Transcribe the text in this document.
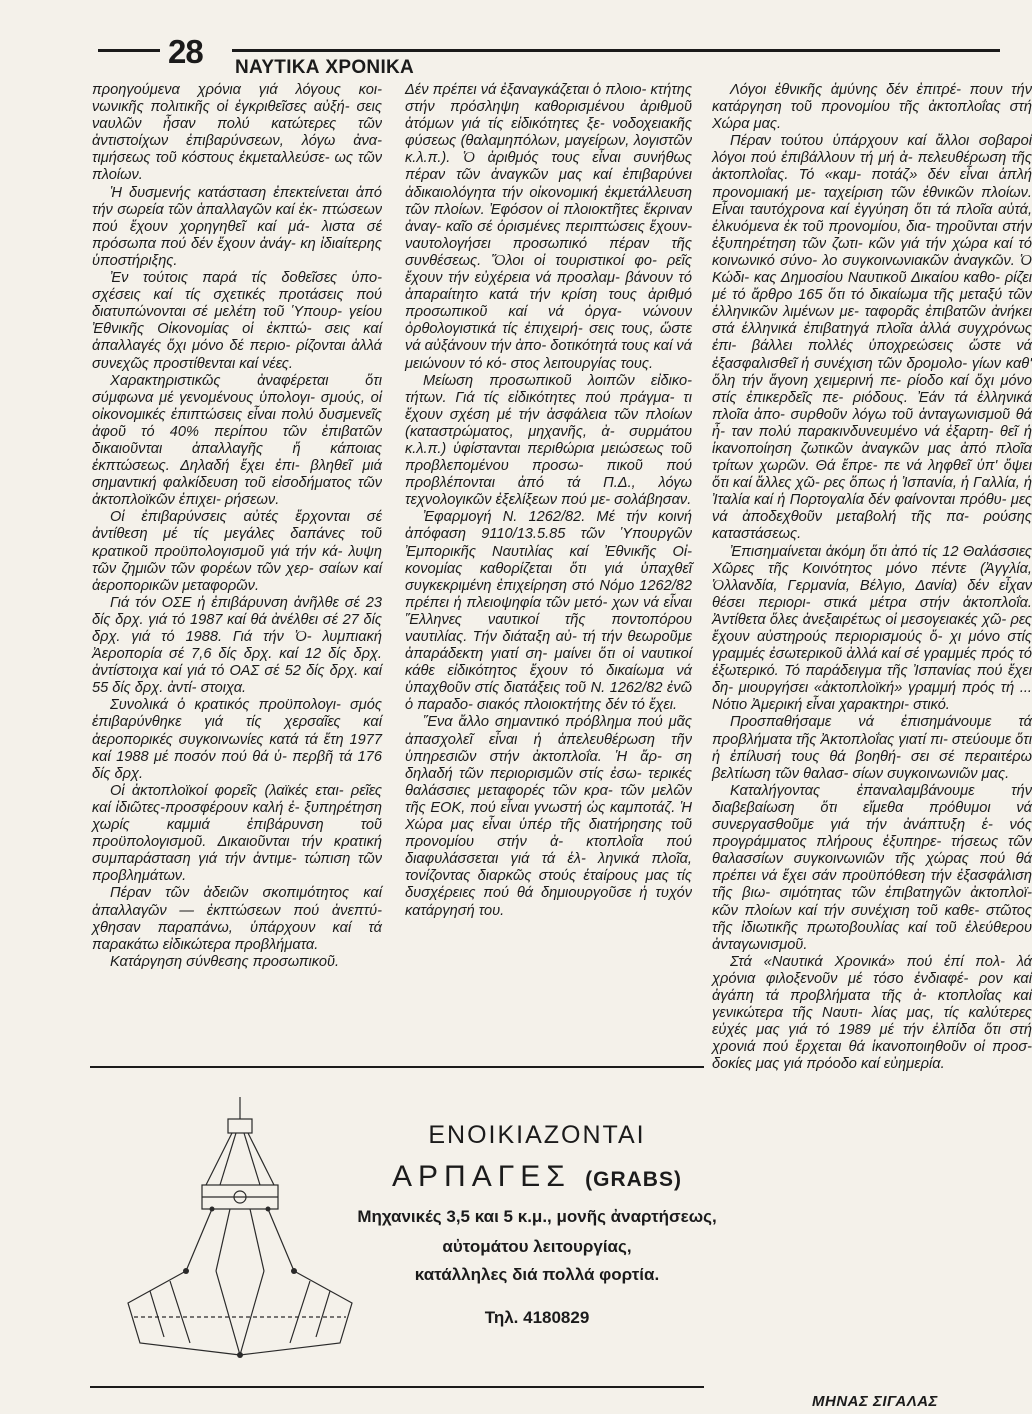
28 ΝΑΥΤΙΚΑ ΧΡΟΝΙΚΑ

προηγούμενα χρόνια γιά λόγους κοι- νωνικῆς πολιτικῆς οἱ ἐγκριθεῖσες αὐξή- σεις ναυλῶν ἦσαν πολύ κατώτερες τῶν ἀντιστοίχων ἐπιβαρύνσεων, λόγω ἀνα- τιμήσεως τοῦ κόστους ἐκμεταλλεύσε- ως τῶν πλοίων.

Ἡ δυσμενής κατάσταση ἐπεκτείνεται ἀπό τήν σωρεία τῶν ἀπαλλαγῶν καί ἐκ- πτώσεων πού ἔχουν χορηγηθεῖ καί μά- λιστα σέ πρόσωπα πού δέν ἔχουν ἀνάγ- κη ἰδιαίτερης ὑποστήριξης.

Ἐν τούτοις παρά τίς δοθεῖσες ὑπο- σχέσεις καί τίς σχετικές προτάσεις πού διατυπώνονται σέ μελέτη τοῦ Ὑπουρ- γείου Ἐθνικῆς Οἰκονομίας οἱ ἐκπτώ- σεις καί ἀπαλλαγές ὄχι μόνο δέ περιο- ρίζονται ἀλλά συνεχῶς προστίθενται καί νέες.

Χαρακτηριστικῶς ἀναφέρεται ὅτι σύμφωνα μέ γενομένους ὑπολογι- σμούς, οἱ οἰκονομικές ἐπιπτώσεις εἶναι πολύ δυσμενεῖς ἀφοῦ τό 40% περίπου τῶν ἐπιβατῶν δικαιοῦνται ἀπαλλαγῆς ἤ κάποιας ἐκπτώσεως. Δηλαδή ἔχει ἐπι- βληθεῖ μιά σημαντική φαλκίδευση τοῦ εἰσοδήματος τῶν ἀκτοπλοϊκῶν ἐπιχει- ρήσεων.

Οἱ ἐπιβαρύνσεις αὐτές ἔρχονται σέ ἀντίθεση μέ τίς μεγάλες δαπάνες τοῦ κρατικοῦ προϋπολογισμοῦ γιά τήν κά- λυψη τῶν ζημιῶν τῶν φορέων τῶν χερ- σαίων καί ἀεροπορικῶν μεταφορῶν.

Γιά τόν ΟΣΕ ἡ ἐπιβάρυνση ἀνῆλθε σέ 23 δίς δρχ. γιά τό 1987 καί θά ἀνέλθει σέ 27 δίς δρχ. γιά τό 1988. Γιά τήν Ὀ- λυμπιακή Ἀεροπορία σέ 7,6 δίς δρχ. καί 12 δίς δρχ. ἀντίστοιχα καί γιά τό ΟΑΣ σέ 52 δίς δρχ. καί 55 δίς δρχ. ἀντί- στοιχα.

Συνολικά ὁ κρατικός προϋπολογι- σμός ἐπιβαρύνθηκε γιά τίς χερσαῖες καί ἀεροπορικές συγκοινωνίες κατά τά ἔτη 1977 καί 1988 μέ ποσόν πού θά ὑ- περβῆ τά 176 δίς δρχ.

Οἱ ἀκτοπλοϊκοί φορεῖς (λαϊκές εται- ρεῖες καί ἰδιῶτες-προσφέρουν καλή ἐ- ξυπηρέτηση χωρίς καμμιά ἐπιβάρυνση τοῦ προϋπολογισμοῦ. Δικαιοῦνται τήν κρατική συμπαράσταση γιά τήν ἀντιμε- τώπιση τῶν προβλημάτων.

Πέραν τῶν ἀδειῶν σκοπιμότητος καί ἀπαλλαγῶν — ἐκπτώσεων πού ἀνεπτύ- χθησαν παραπάνω, ὑπάρχουν καί τά παρακάτω εἰδικώτερα προβλήματα.

Κατάργηση σύνθεσης προσωπικοῦ.

Δέν πρέπει νά ἐξαναγκάζεται ὁ πλοιο- κτήτης στήν πρόσληψη καθορισμένου ἀριθμοῦ ἀτόμων γιά τίς εἰδικότητες ξε- νοδοχειακῆς φύσεως (θαλαμηπόλων, μαγείρων, λογιστῶν κ.λ.π.). Ὁ ἀριθμός τους εἶναι συνήθως πέραν τῶν ἀναγκῶν μας καί ἐπιβαρύνει ἀδικαιολόγητα τήν οἰκονομική ἐκμετάλλευση τῶν πλοίων. Ἐφόσον οἱ πλοιοκτῆτες ἔκριναν ἀναγ- καῖο σέ ὁρισμένες περιπτώσεις ἔχουν- ναυτολογήσει προσωπικό πέραν τῆς συνθέσεως. Ὅλοι οἱ τουριστικοί φο- ρεῖς ἔχουν τήν εὐχέρεια νά προσλαμ- βάνουν τό ἀπαραίτητο κατά τήν κρίση τους ἀριθμό προσωπικοῦ καί νά ὀργα- νώνουν ὀρθολογιστικά τίς ἐπιχειρή- σεις τους, ὥστε νά αὐξάνουν τήν ἀπο- δοτικότητά τους καί νά μειώνουν τό κό- στος λειτουργίας τους.

Μείωση προσωπικοῦ λοιπῶν εἰδικο- τήτων. Γιά τίς εἰδικότητες πού πράγμα- τι ἔχουν σχέση μέ τήν ἀσφάλεια τῶν πλοίων (καταστρώματος, μηχανῆς, ἀ- συρμάτου κ.λ.π.) ὑφίστανται περιθώρια μειώσεως τοῦ προβλεπομένου προσω- πικοῦ πού προβλέπονται ἀπό τά Π.Δ., λόγω τεχνολογικῶν ἐξελίξεων πού με- σολάβησαν.

Ἐφαρμογή Ν. 1262/82. Μέ τήν κοινή ἀπόφαση 9110/13.5.85 τῶν Ὑπουργῶν Ἐμπορικῆς Ναυτιλίας καί Ἐθνικῆς Οἰ- κονομίας καθορίζεται ὅτι γιά ὑπαχθεῖ συγκεκριμένη ἐπιχείρηση στό Νόμο 1262/82 πρέπει ἡ πλειοψηφία τῶν μετό- χων νά εἶναι Ἕλληνες ναυτικοί τῆς ποντοπόρου ναυτιλίας. Τήν διάταξη αὐ- τή τήν θεωροῦμε ἀπαράδεκτη γιατί ση- μαίνει ὅτι οἱ ναυτικοί κάθε εἰδικότητος ἔχουν τό δικαίωμα νά ὑπαχθοῦν στίς διατάξεις τοῦ Ν. 1262/82 ἐνῶ ὁ παραδο- σιακός πλοιοκτήτης δέν τό ἔχει.

Ἕνα ἄλλο σημαντικό πρόβλημα πού μᾶς ἀπασχολεῖ εἶναι ἡ ἀπελευθέρωση τῆν ὑπηρεσιῶν στήν ἀκτοπλοΐα. Ἡ ἄρ- ση δηλαδή τῶν περιορισμῶν στίς ἐσω- τερικές θαλάσσιες μεταφορές τῶν κρα- τῶν μελῶν τῆς ΕΟΚ, πού εἶναι γνωστή ὡς καμποτάζ. Ἡ Χώρα μας εἶναι ὑπέρ τῆς διατήρησης τοῦ προνομίου στήν ἀ- κτοπλοΐα πού διαφυλάσσεται γιά τά ἑλ- ληνικά πλοῖα, τονίζοντας διαρκῶς στούς ἑταίρους μας τίς δυσχέρειες πού θά δημιουργοῦσε ἡ τυχόν κατάργησή του.

Λόγοι ἐθνικῆς ἀμύνης δέν ἐπιτρέ- πουν τήν κατάργηση τοῦ προνομίου τῆς ἀκτοπλοΐας στή Χώρα μας.

Πέραν τούτου ὑπάρχουν καί ἄλλοι σοβαροί λόγοι πού ἐπιβάλλουν τή μή ἀ- πελευθέρωση τῆς ἀκτοπλοΐας. Τό «καμ- ποτάζ» δέν εἶναι ἁπλή προνομιακή με- ταχείριση τῶν ἐθνικῶν πλοίων. Εἶναι ταυτόχρονα καί ἐγγύηση ὅτι τά πλοῖα αὐτά, ἑλκυόμενα ἐκ τοῦ προνομίου, δια- τηροῦνται στήν ἐξυπηρέτηση τῶν ζωτι- κῶν γιά τήν χώρα καί τό κοινωνικό σύνο- λο συγκοινωνιακῶν ἀναγκῶν. Ὁ Κώδι- κας Δημοσίου Ναυτικοῦ Δικαίου καθο- ρίζει μέ τό ἄρθρο 165 ὅτι τό δικαίωμα τῆς μεταξύ τῶν ἑλληνικῶν λιμένων με- ταφορᾶς ἐπιβατῶν ἀνήκει στά ἑλληνικά ἐπιβατηγά πλοῖα ἀλλά συγχρόνως ἐπι- βάλλει πολλές ὑποχρεώσεις ὥστε νά ἐξασφαλισθεῖ ἡ συνέχιση τῶν δρομολο- γίων καθ' ὅλη τήν ἄγονη χειμερινή πε- ρίοδο καί ὄχι μόνο στίς ἐπικερδεῖς πε- ριόδους. Ἐάν τά ἑλληνικά πλοῖα ἀπο- συρθοῦν λόγω τοῦ ἀνταγωνισμοῦ θά ἦ- ταν πολύ παρακινδυνευμένο νά ἐξαρτη- θεῖ ἡ ἱκανοποίηση ζωτικῶν ἀναγκῶν μας ἀπό πλοῖα τρίτων χωρῶν. Θά ἔπρε- πε νά ληφθεῖ ὑπ' ὄψει ὅτι καί ἄλλες χῶ- ρες ὅπως ἡ Ἰσπανία, ἡ Γαλλία, ἡ Ἰταλία καί ἡ Πορτογαλία δέν φαίνονται πρόθυ- μες νά ἀποδεχθοῦν μεταβολή τῆς πα- ρούσης καταστάσεως.

Ἐπισημαίνεται ἀκόμη ὅτι ἀπό τίς 12 Θαλάσσιες Χῶρες τῆς Κοινότητος μόνο πέντε (Ἀγγλία, Ὁλλανδία, Γερμανία, Βέλγιο, Δανία) δέν εἶχαν θέσει περιορι- στικά μέτρα στήν ἀκτοπλοΐα. Ἀντίθετα ὅλες ἀνεξαιρέτως οἱ μεσογειακές χῶ- ρες ἔχουν αὐστηρούς περιορισμούς ὄ- χι μόνο στίς γραμμές ἐσωτερικοῦ ἀλλά καί σέ γραμμές πρός τό ἐξωτερικό. Τό παράδειγμα τῆς Ἰσπανίας πού ἔχει δη- μιουργήσει «ἀκτοπλοϊκή» γραμμή πρός τή ... Νότιο Ἀμερική εἶναι χαρακτηρι- στικό.

Προσπαθήσαμε νά ἐπισημάνουμε τά προβλήματα τῆς Ἀκτοπλοΐας γιατί πι- στεύουμε ὅτι ἡ ἐπίλυσή τους θά βοηθή- σει σέ περαιτέρω βελτίωση τῶν θαλασ- σίων συγκοινωνιῶν μας.

Καταλήγοντας ἐπαναλαμβάνουμε τήν διαβεβαίωση ὅτι εἴμεθα πρόθυμοι νά συνεργασθοῦμε γιά τήν ἀνάπτυξη ἑ- νός προγράμματος πλήρους ἐξυπηρε- τήσεως τῶν θαλασσίων συγκοινωνιῶν τῆς χώρας πού θά πρέπει νά ἔχει σάν προϋπόθεση τήν ἐξασφάλιση τῆς βιω- σιμότητας τῶν ἐπιβατηγῶν ἀκτοπλοϊ- κῶν πλοίων καί τήν συνέχιση τοῦ καθε- στῶτος τῆς ἰδιωτικῆς πρωτοβουλίας καί τοῦ ἐλεύθερου ἀνταγωνισμοῦ.

Στά «Ναυτικά Χρονικά» πού ἐπί πολ- λά χρόνια φιλοξενοῦν μέ τόσο ἐνδιαφέ- ρον καί ἀγάπη τά προβλήματα τῆς ἀ- κτοπλοΐας καί γενικώτερα τῆς Ναυτι- λίας μας, τίς καλύτερες εὐχές μας γιά τό 1989 μέ τήν ἐλπίδα ὅτι στή χρονιά πού ἔρχεται θά ἱκανοποιηθοῦν οἱ προσ- δοκίες μας γιά πρόοδο καί εὐημερία.

ΜΗΝΑΣ ΣΙΓΑΛΑΣ
ΕΝΟΙΚΙΑΖΟΝΤΑΙ
ΑΡΠΑΓΕΣ (GRABS)
Μηχανικές 3,5 και 5 κ.μ., μονῆς ἀναρτήσεως,
αὐτομάτου λειτουργίας,
κατάλληλες διά πολλά φορτία.
Τηλ. 4180829
